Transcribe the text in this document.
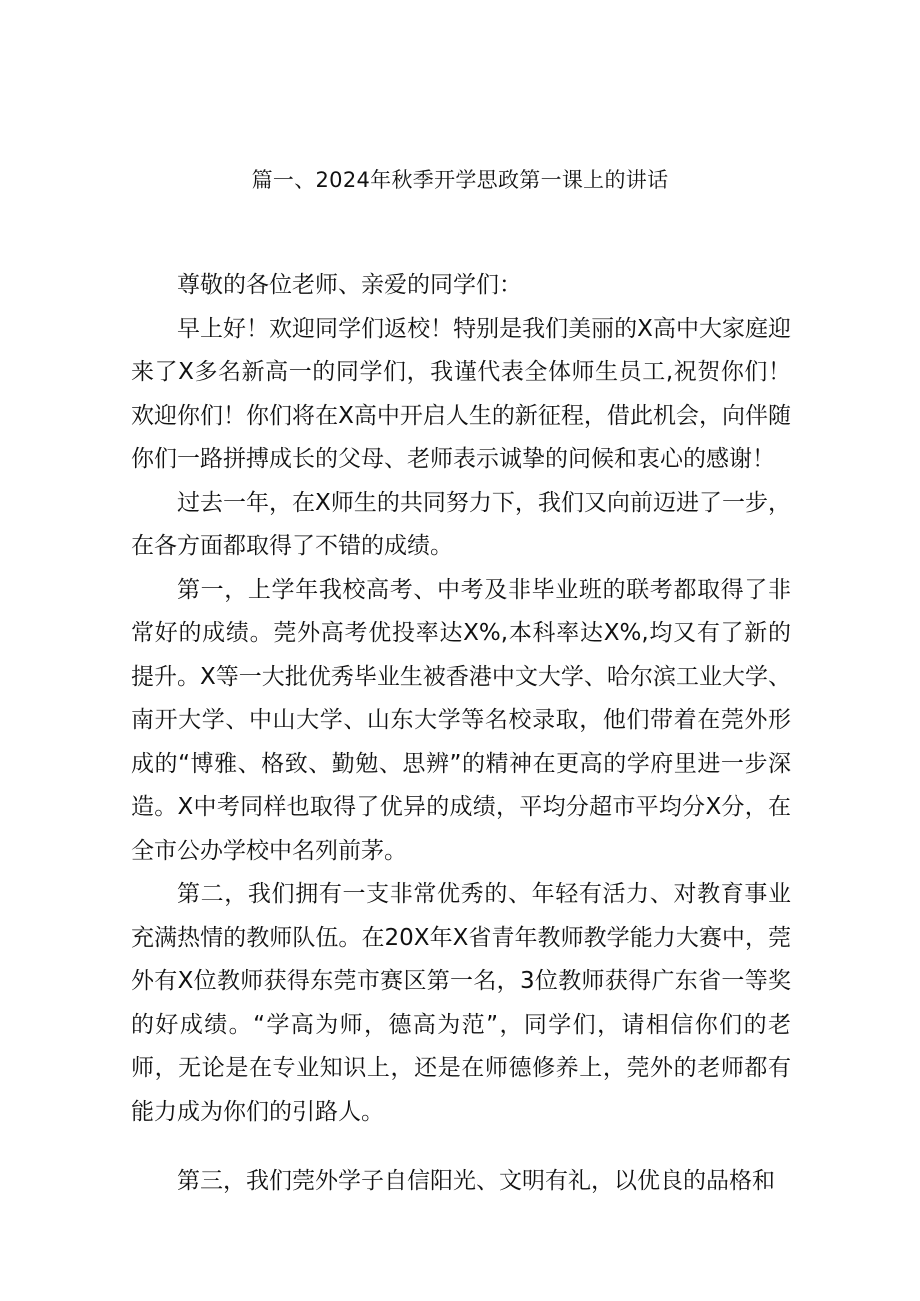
篇一、2024年秋季开学思政第一课上的讲话

尊敬的各位老师、亲爱的同学们：

早上好！欢迎同学们返校！特别是我们美丽的X高中大家庭迎来了X多名新高一的同学们，我谨代表全体师生员工,祝贺你们！欢迎你们！你们将在X高中开启人生的新征程，借此机会，向伴随你们一路拼搏成长的父母、老师表示诚挚的问候和衷心的感谢！

过去一年，在X师生的共同努力下，我们又向前迈进了一步，在各方面都取得了不错的成绩。

第一，上学年我校高考、中考及非毕业班的联考都取得了非常好的成绩。莞外高考优投率达X%,本科率达X%,均又有了新的提升。X等一大批优秀毕业生被香港中文大学、哈尔滨工业大学、南开大学、中山大学、山东大学等名校录取，他们带着在莞外形成的“博雅、格致、勤勉、思辨”的精神在更高的学府里进一步深造。X中考同样也取得了优异的成绩，平均分超市平均分X分，在全市公办学校中名列前茅。

第二，我们拥有一支非常优秀的、年轻有活力、对教育事业充满热情的教师队伍。在20X年X省青年教师教学能力大赛中，莞外有X位教师获得东莞市赛区第一名，3位教师获得广东省一等奖的好成绩。“学高为师，德高为范”，同学们，请相信你们的老师，无论是在专业知识上，还是在师德修养上，莞外的老师都有能力成为你们的引路人。

第三，我们莞外学子自信阳光、文明有礼，以优良的品格和
